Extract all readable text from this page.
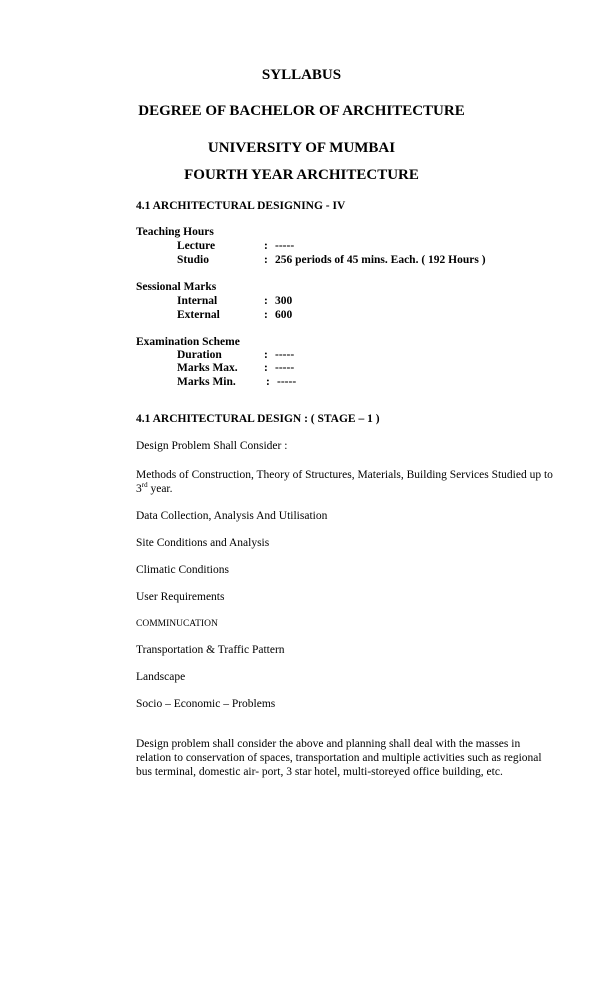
SYLLABUS
DEGREE OF BACHELOR OF ARCHITECTURE
UNIVERSITY OF MUMBAI
FOURTH YEAR ARCHITECTURE
4.1 ARCHITECTURAL DESIGNING - IV
Teaching Hours
Lecture	: -----
Studio	: 256 periods of 45 mins. Each. ( 192 Hours )
Sessional Marks
Internal	: 300
External	: 600
Examination Scheme
Duration	: -----
Marks Max. : -----
Marks Min.	: -----
4.1 ARCHITECTURAL DESIGN : ( STAGE – 1 )
Design Problem Shall Consider :
Methods of Construction, Theory of Structures, Materials, Building Services Studied up to
3rd year.
Data Collection, Analysis And Utilisation
Site Conditions and Analysis
Climatic Conditions
User Requirements
COMMINUCATION
Transportation & Traffic Pattern
Landscape
Socio – Economic – Problems
Design problem shall consider the above and planning shall deal with the masses in
relation to conservation of spaces, transportation and multiple activities such as regional
bus terminal, domestic air- port, 3 star hotel, multi-storeyed office building, etc.
